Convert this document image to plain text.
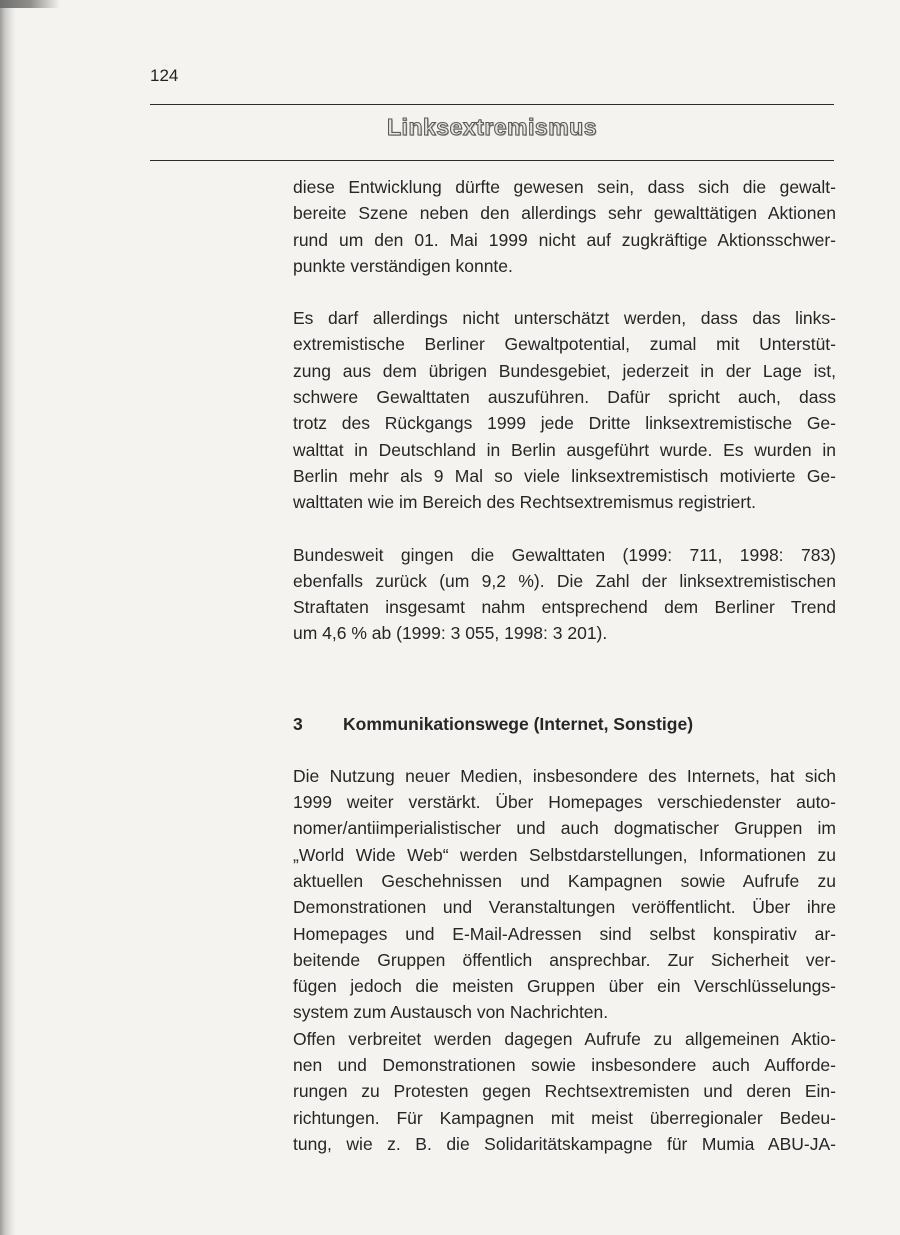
124
Linksextremismus

diese Entwicklung dürfte gewesen sein, dass sich die gewalt-
bereite Szene neben den allerdings sehr gewalttätigen Aktionen
rund um den 01. Mai 1999 nicht auf zugkräftige Aktionsschwer-
punkte verständigen konnte.

Es darf allerdings nicht unterschätzt werden, dass das links-
extremistische Berliner Gewaltpotential, zumal mit Unterstüt-
zung aus dem übrigen Bundesgebiet, jederzeit in der Lage ist,
schwere Gewalttaten auszuführen. Dafür spricht auch, dass
trotz des Rückgangs 1999 jede Dritte linksextremistische Ge-
walttat in Deutschland in Berlin ausgeführt wurde. Es wurden in
Berlin mehr als 9 Mal so viele linksextremistisch motivierte Ge-
walttaten wie im Bereich des Rechtsextremismus registriert.

Bundesweit gingen die Gewalttaten (1999: 711, 1998: 783)
ebenfalls zurück (um 9,2 %). Die Zahl der linksextremistischen
Straftaten insgesamt nahm entsprechend dem Berliner Trend
um 4,6 % ab (1999: 3 055, 1998: 3 201).

3	Kommunikationswege (Internet, Sonstige)

Die Nutzung neuer Medien, insbesondere des Internets, hat sich
1999 weiter verstärkt. Über Homepages verschiedenster auto-
nomer/antiimperialistischer und auch dogmatischer Gruppen im
„World Wide Web“ werden Selbstdarstellungen, Informationen zu
aktuellen Geschehnissen und Kampagnen sowie Aufrufe zu
Demonstrationen und Veranstaltungen veröffentlicht. Über ihre
Homepages und E-Mail-Adressen sind selbst konspirativ ar-
beitende Gruppen öffentlich ansprechbar. Zur Sicherheit ver-
fügen jedoch die meisten Gruppen über ein Verschlüsselungs-
system zum Austausch von Nachrichten.

Offen verbreitet werden dagegen Aufrufe zu allgemeinen Aktio-
nen und Demonstrationen sowie insbesondere auch Aufforde-
rungen zu Protesten gegen Rechtsextremisten und deren Ein-
richtungen. Für Kampagnen mit meist überregionaler Bedeu-
tung, wie z. B. die Solidaritätskampagne für Mumia ABU-JA-
